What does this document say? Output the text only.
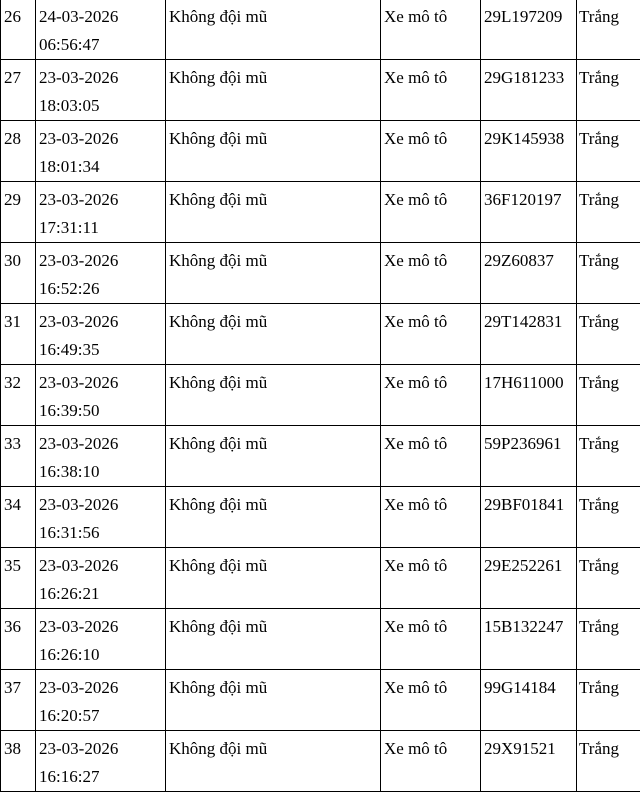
26	24-03-2026
06:56:47	Không đội mũ	Xe mô tô	29L197209	Trắng
27	23-03-2026
18:03:05	Không đội mũ	Xe mô tô	29G181233	Trắng
28	23-03-2026
18:01:34	Không đội mũ	Xe mô tô	29K145938	Trắng
29	23-03-2026
17:31:11	Không đội mũ	Xe mô tô	36F120197	Trắng
30	23-03-2026
16:52:26	Không đội mũ	Xe mô tô	29Z60837	Trắng
31	23-03-2026
16:49:35	Không đội mũ	Xe mô tô	29T142831	Trắng
32	23-03-2026
16:39:50	Không đội mũ	Xe mô tô	17H611000	Trắng
33	23-03-2026
16:38:10	Không đội mũ	Xe mô tô	59P236961	Trắng
34	23-03-2026
16:31:56	Không đội mũ	Xe mô tô	29BF01841	Trắng
35	23-03-2026
16:26:21	Không đội mũ	Xe mô tô	29E252261	Trắng
36	23-03-2026
16:26:10	Không đội mũ	Xe mô tô	15B132247	Trắng
37	23-03-2026
16:20:57	Không đội mũ	Xe mô tô	99G14184	Trắng
38	23-03-2026
16:16:27	Không đội mũ	Xe mô tô	29X91521	Trắng
